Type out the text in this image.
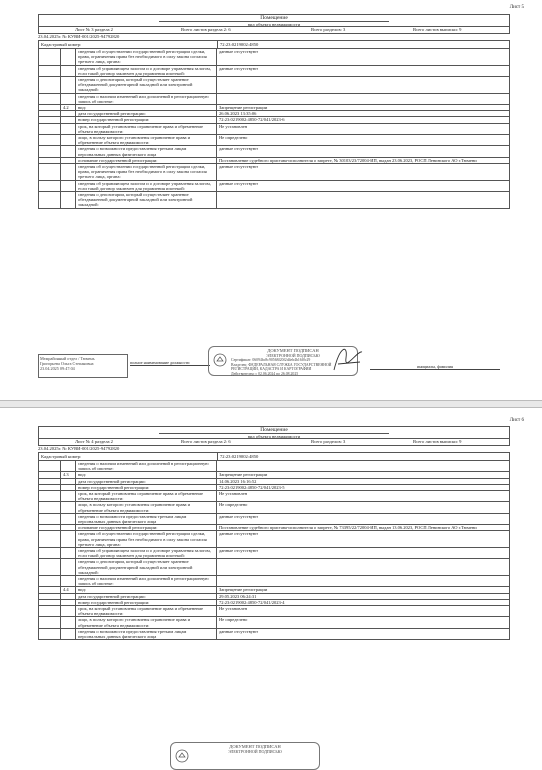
Лист 5
Помещение
вид объекта недвижимости
Лист № 3 раздела 2	Всего листов раздела 2: 6	Всего разделов: 3	Всего листов выписки: 9
23.04.2025г. № КУВИ-001/2025-94792820
Кадастровый номер:	72:23:0219002:4850
		сведения об осуществлении государственной регистрации сделки, права, ограничения права без необходимого в силу закона согласия третьего лица, органа:	данные отсутствуют
		сведения об управляющем залогом и о договоре управления залогом, если такой договор заключен для управления ипотекой:	данные отсутствуют
		сведения о депозитарии, который осуществляет хранение обездвиженной документарной закладной или электронной закладной:	
		сведения о наличии изменений или дополнений в регистрационную запись об ипотеке:	
	4.2	вид:	Запрещение регистрации
		дата государственной регистрации:	26.06.2023 13:35:06
		номер государственной регистрации:	72:23:0219002:4850-72/041/2023-6
		срок, на который установлены ограничение права и обременение объекта недвижимости:	Не установлен
		лицо, в пользу которого установлены ограничение права и обременение объекта недвижимости:	Не определено
		сведения о возможности предоставления третьим лицам персональных данных физического лица	данные отсутствуют
		основание государственной регистрации:	Постановление судебного пристава-исполнителя о запрете, № 30103/23/72004-ИП, выдан 23.06.2023, РОСП Ленинского АО г.Тюмени
		сведения об осуществлении государственной регистрации сделки, права, ограничения права без необходимого в силу закона согласия третьего лица, органа:	данные отсутствуют
		сведения об управляющем залогом и о договоре управления залогом, если такой договор заключен для управления ипотекой:	данные отсутствуют
		сведения о депозитарии, который осуществляет хранение обездвиженной документарной закладной или электронной закладной:	
Межрайонный отдел / Тюмень
Григорьева Ольга Степановна
23.04.2025 09:47:04
полное наименование должности
ДОКУМЕНТ ПОДПИСАН
ЭЛЕКТРОННОЙ ПОДПИСЬЮ
Сертификат: 06094bc8c90568f20f2d4eb4b16f0c29
Владелец: ФЕДЕРАЛЬНАЯ СЛУЖБА ГОСУДАРСТВЕННОЙ
РЕГИСТРАЦИИ, КАДАСТРА И КАРТОГРАФИИ
Действителен: с 02.06.2024 по 26.08.2025
инициалы, фамилия
Лист 6
Помещение
вид объекта недвижимости
Лист № 4 раздела 2	Всего листов раздела 2: 6	Всего разделов: 3	Всего листов выписки: 9
23.04.2025г. № КУВИ-001/2025-94792820
Кадастровый номер:	72:23:0219002:4850
		сведения о наличии изменений или дополнений в регистрационную запись об ипотеке:	
	4.3	вид:	Запрещение регистрации
		дата государственной регистрации:	14.06.2023 16:16:52
		номер государственной регистрации:	72:23:0219002:4850-72/041/2023-5
		срок, на который установлены ограничение права и обременение объекта недвижимости:	Не установлен
		лицо, в пользу которого установлены ограничение права и обременение объекта недвижимости:	Не определено
		сведения о возможности предоставления третьим лицам персональных данных физического лица	данные отсутствуют
		основание государственной регистрации:	Постановление судебного пристава-исполнителя о запрете, № 73395/22/72004-ИП, выдан 13.06.2023, РОСП Ленинского АО г.Тюмени
		сведения об осуществлении государственной регистрации сделки, права, ограничения права без необходимого в силу закона согласия третьего лица, органа:	данные отсутствуют
		сведения об управляющем залогом и о договоре управления залогом, если такой договор заключен для управления ипотекой:	данные отсутствуют
		сведения о депозитарии, который осуществляет хранение обездвиженной документарной закладной или электронной закладной:	
		сведения о наличии изменений или дополнений в регистрационную запись об ипотеке:	
	4.4	вид:	Запрещение регистрации
		дата государственной регистрации:	29.05.2023 06:24:31
		номер государственной регистрации:	72:23:0219002:4850-72/041/2023-4
		срок, на который установлены ограничение права и обременение объекта недвижимости:	Не установлен
		лицо, в пользу которого установлены ограничение права и обременение объекта недвижимости:	Не определено
		сведения о возможности предоставления третьим лицам персональных данных физического лица	данные отсутствуют
ДОКУМЕНТ ПОДПИСАН
ЭЛЕКТРОННОЙ ПОДПИСЬЮ
